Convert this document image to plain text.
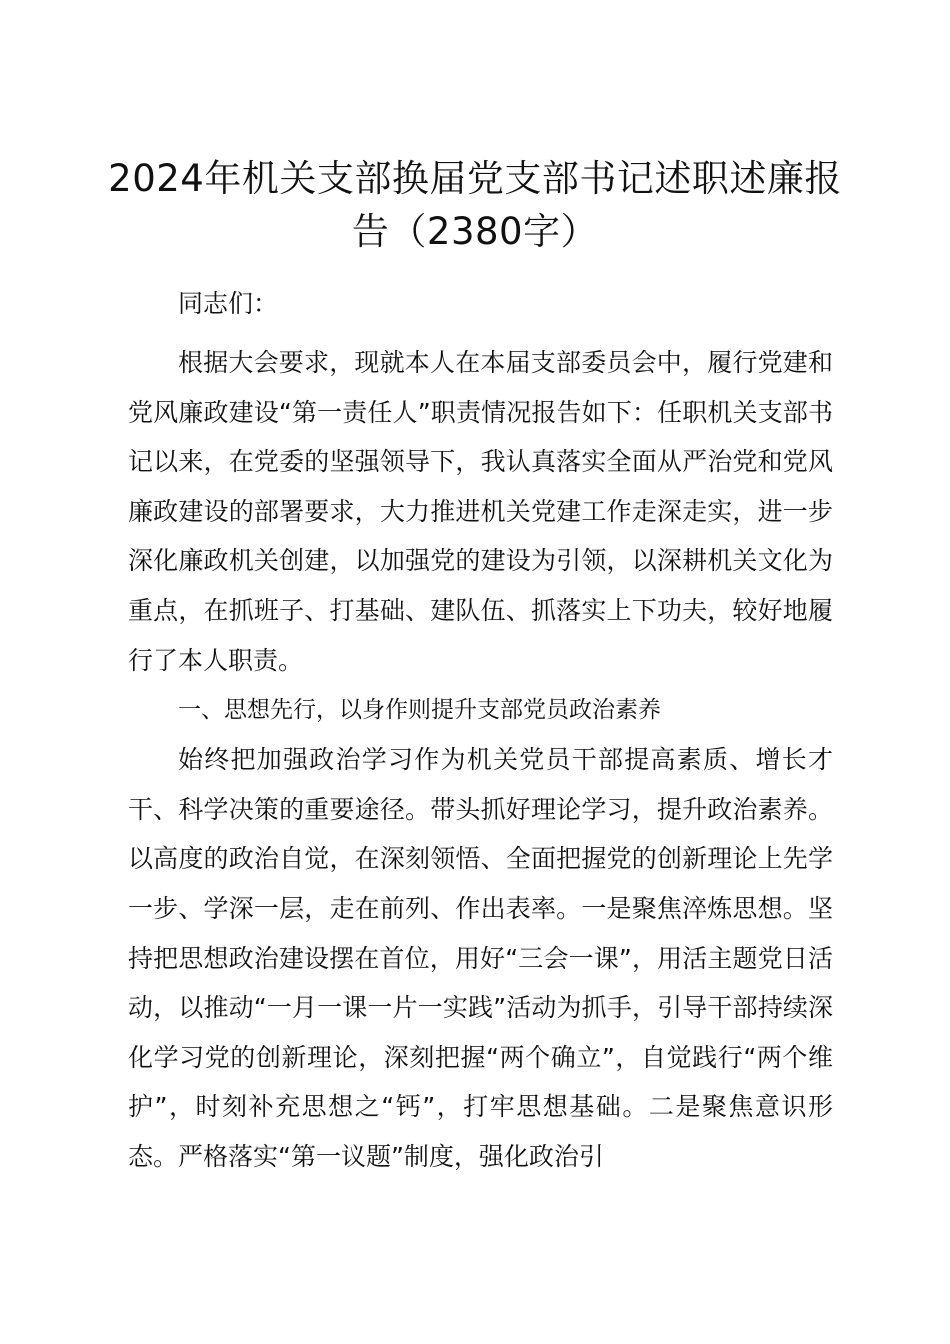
2024年机关支部换届党支部书记述职述廉报告（2380字）

同志们：

根据大会要求，现就本人在本届支部委员会中，履行党建和党风廉政建设“第一责任人”职责情况报告如下：任职机关支部书记以来，在党委的坚强领导下，我认真落实全面从严治党和党风廉政建设的部署要求，大力推进机关党建工作走深走实，进一步深化廉政机关创建，以加强党的建设为引领，以深耕机关文化为重点，在抓班子、打基础、建队伍、抓落实上下功夫，较好地履行了本人职责。

一、思想先行，以身作则提升支部党员政治素养

始终把加强政治学习作为机关党员干部提高素质、增长才干、科学决策的重要途径。带头抓好理论学习，提升政治素养。以高度的政治自觉，在深刻领悟、全面把握党的创新理论上先学一步、学深一层，走在前列、作出表率。一是聚焦淬炼思想。坚持把思想政治建设摆在首位，用好“三会一课”，用活主题党日活动，以推动“一月一课一片一实践”活动为抓手，引导干部持续深化学习党的创新理论，深刻把握“两个确立”，自觉践行“两个维护”，时刻补充思想之“钙”，打牢思想基础。二是聚焦意识形态。严格落实“第一议题”制度，强化政治引
